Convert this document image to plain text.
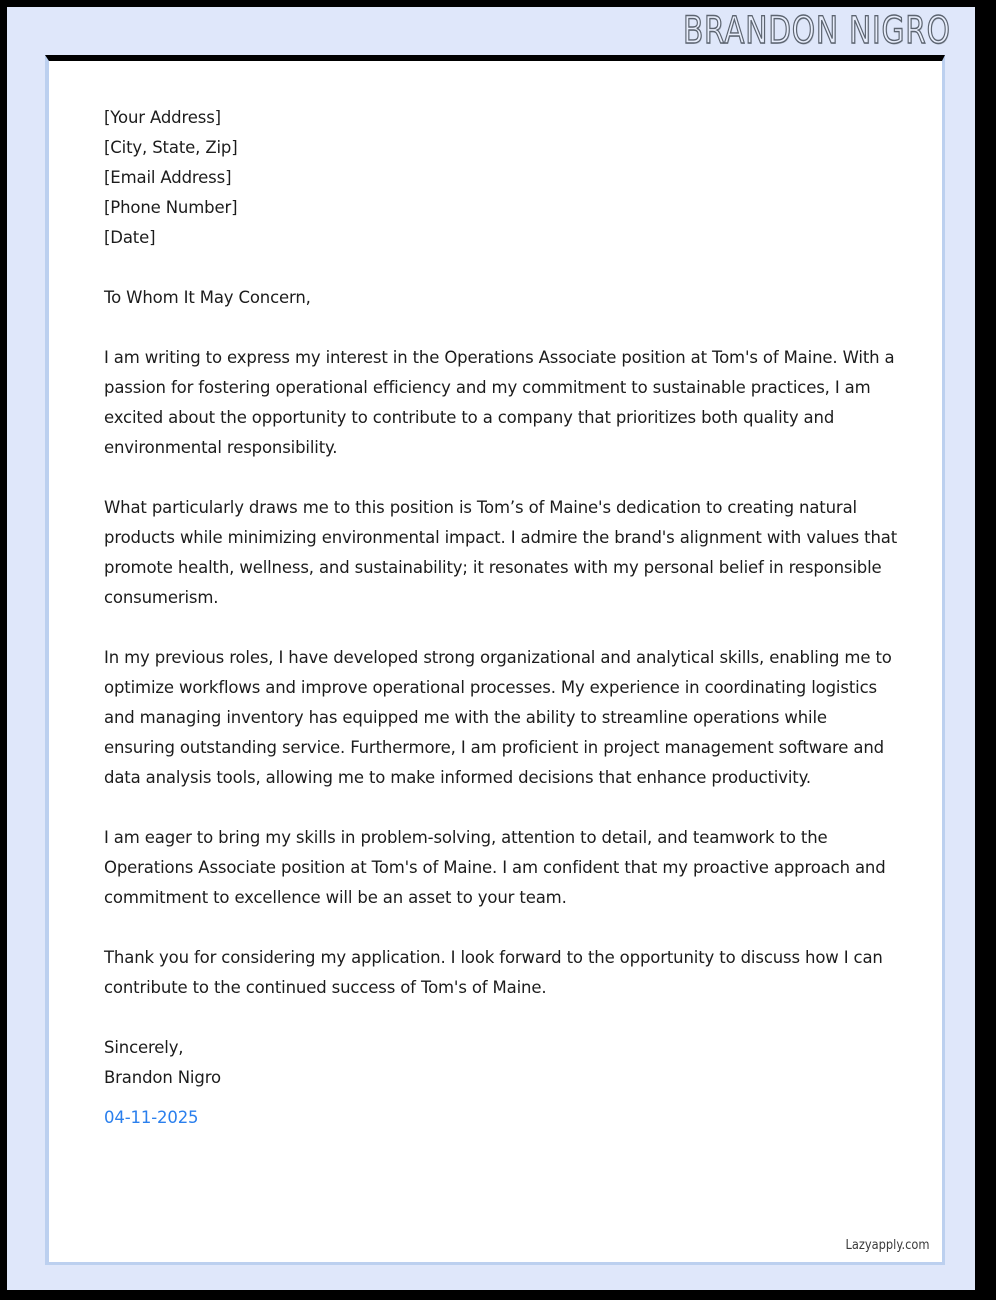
BRANDON NIGRO
[Your Address]
[City, State, Zip]
[Email Address]
[Phone Number]
[Date]
To Whom It May Concern,

I am writing to express my interest in the Operations Associate position at Tom's of Maine. With a passion for fostering operational efficiency and my commitment to sustainable practices, I am excited about the opportunity to contribute to a company that prioritizes both quality and environmental responsibility.

What particularly draws me to this position is Tom’s of Maine's dedication to creating natural products while minimizing environmental impact. I admire the brand's alignment with values that promote health, wellness, and sustainability; it resonates with my personal belief in responsible consumerism.

In my previous roles, I have developed strong organizational and analytical skills, enabling me to optimize workflows and improve operational processes. My experience in coordinating logistics and managing inventory has equipped me with the ability to streamline operations while ensuring outstanding service. Furthermore, I am proficient in project management software and data analysis tools, allowing me to make informed decisions that enhance productivity.

I am eager to bring my skills in problem-solving, attention to detail, and teamwork to the Operations Associate position at Tom's of Maine. I am confident that my proactive approach and commitment to excellence will be an asset to your team.

Thank you for considering my application. I look forward to the opportunity to discuss how I can contribute to the continued success of Tom's of Maine.

Sincerely,
Brandon Nigro
04-11-2025
Lazyapply.com
